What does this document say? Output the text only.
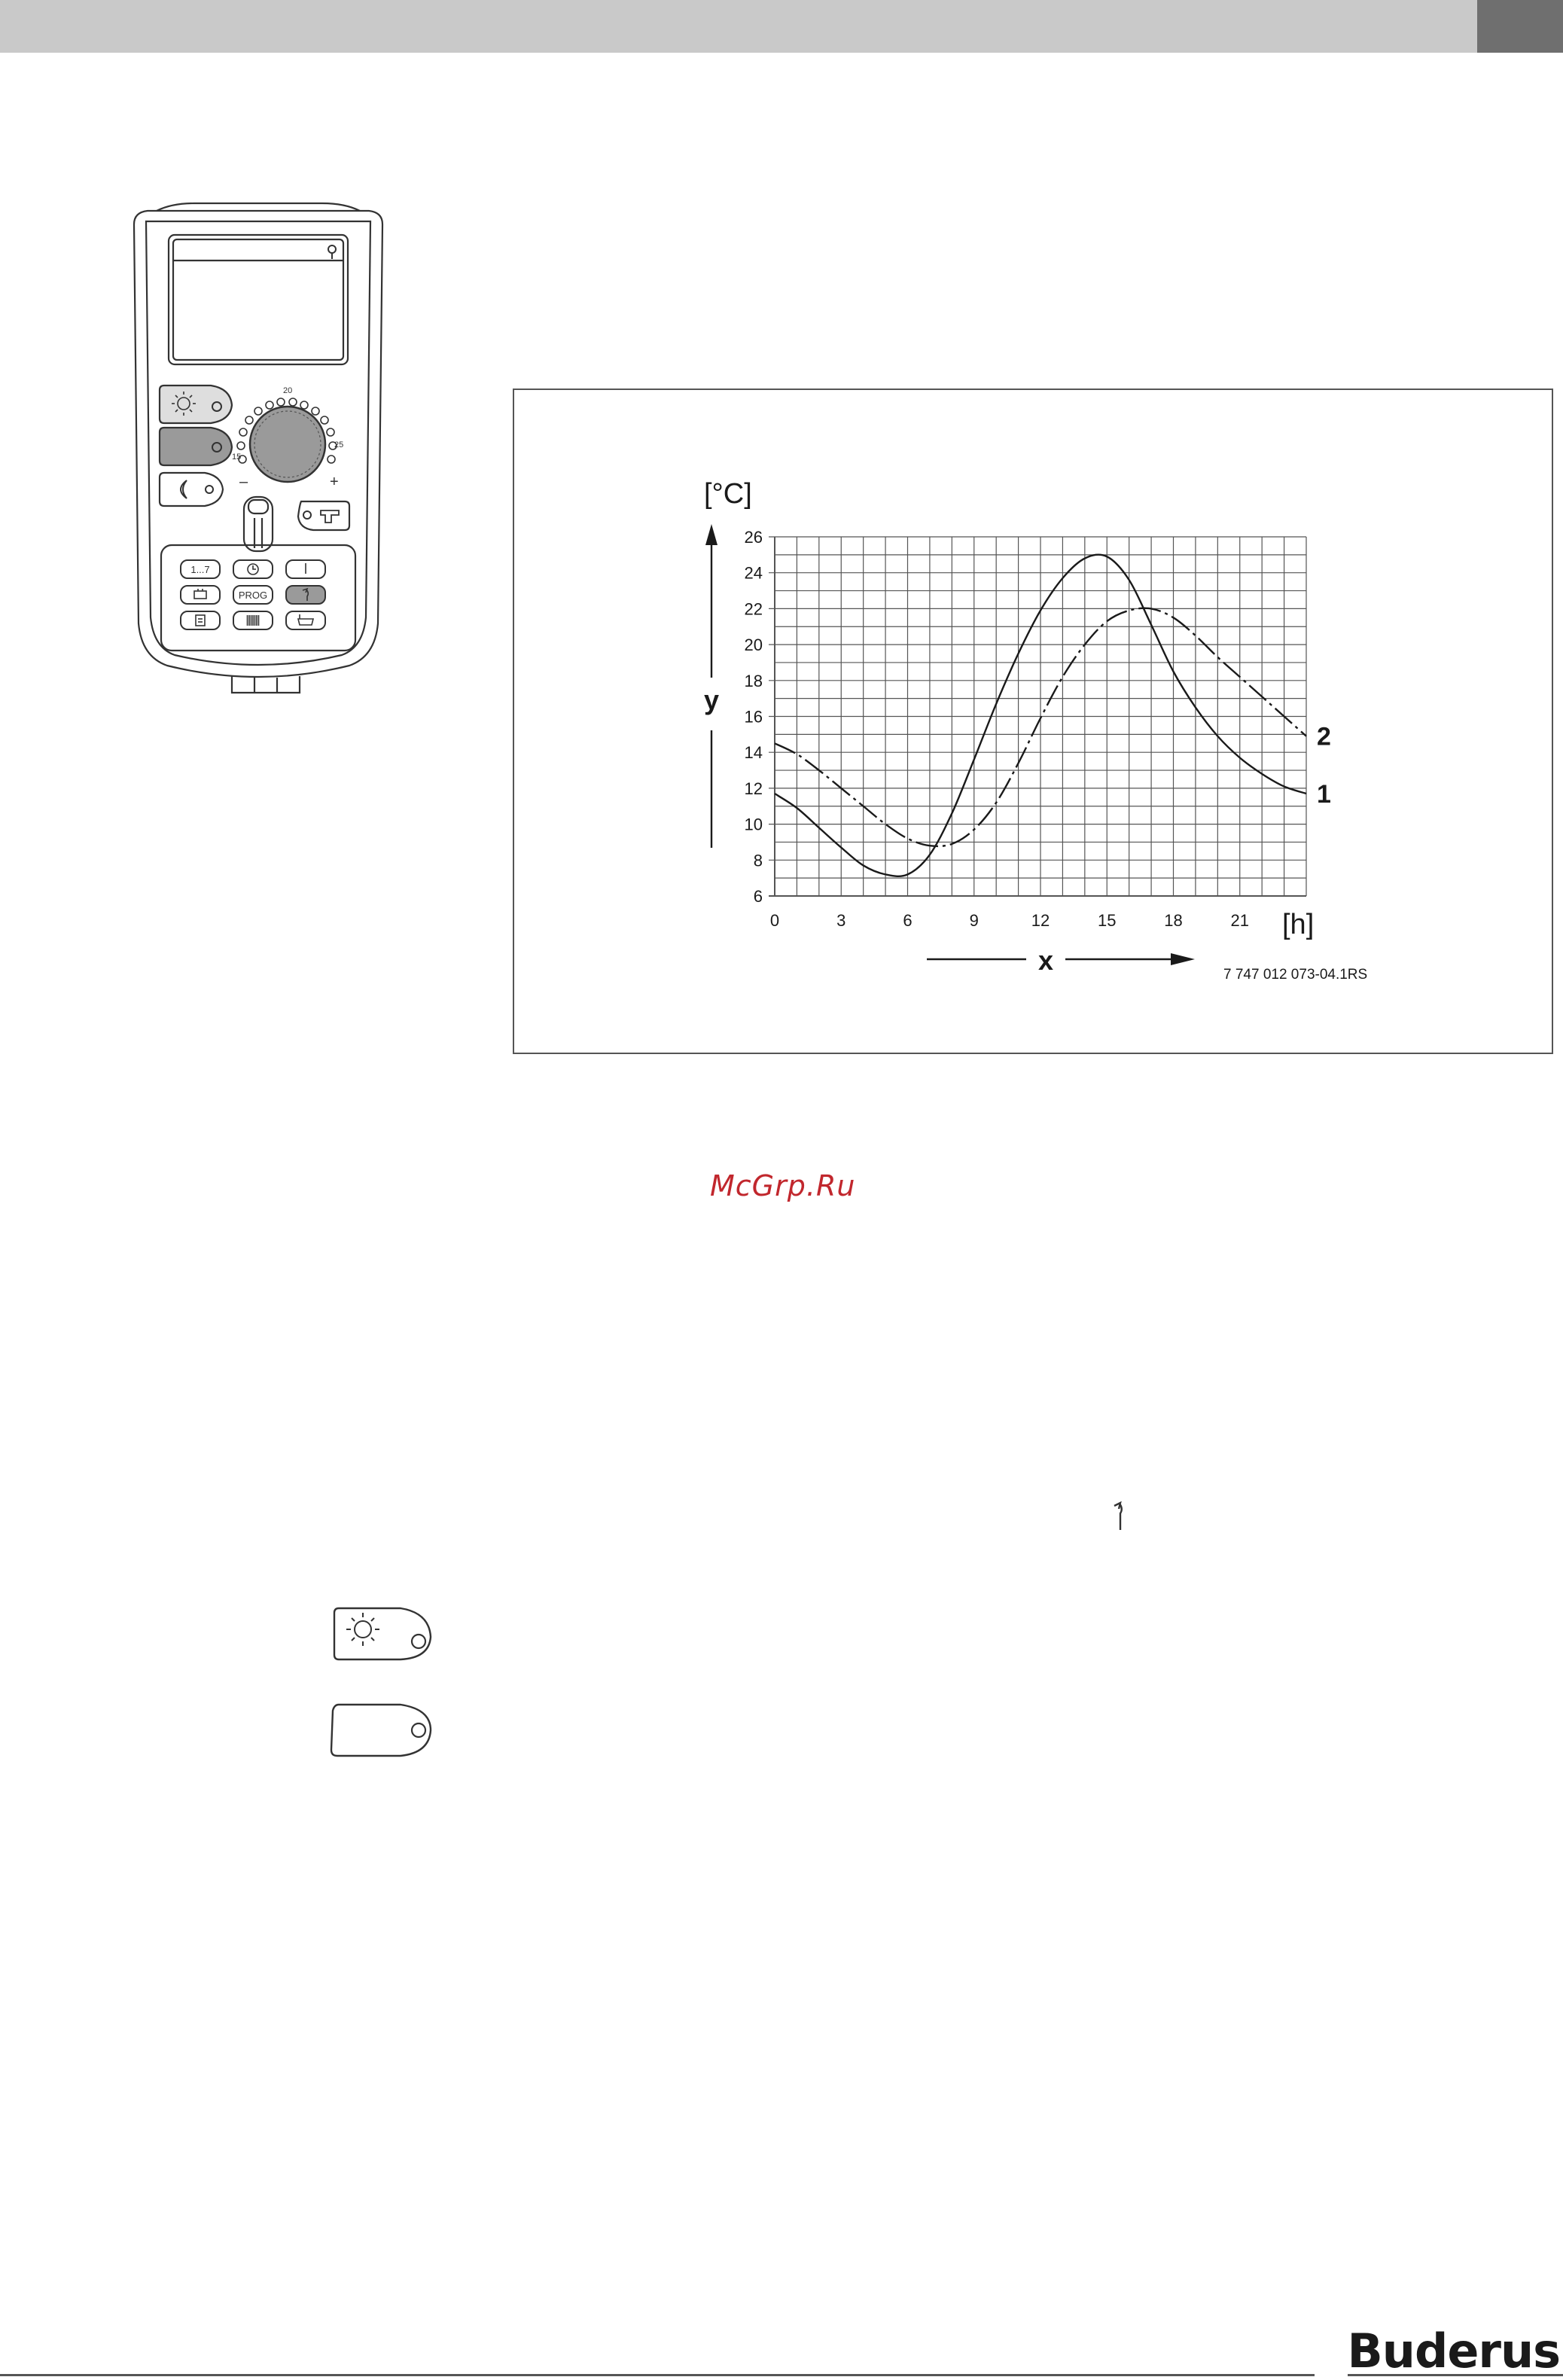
15
20
25
–	+
1...7
PROG
6
8
10
12
14
16
18
20
22
24
26
0	3	6	9	12	15	18	21
1
2
[°C]
[h]
y
x	7 747 012 073-04.1RS
McGrp.Ru
Buderus
